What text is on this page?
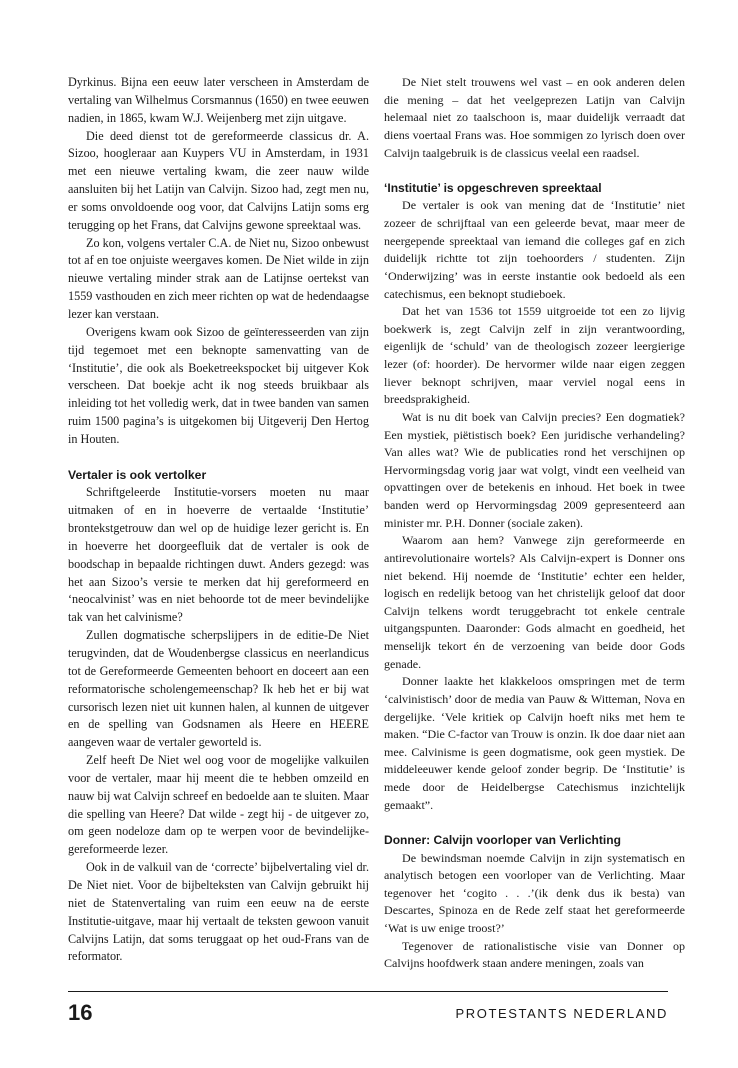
Dyrkinus. Bijna een eeuw later verscheen in Amsterdam de vertaling van Wilhelmus Corsmannus (1650) en twee eeuwen nadien, in 1865, kwam W.J. Weijenberg met zijn uitgave.

Die deed dienst tot de gereformeerde classicus dr. A. Sizoo, hoogleraar aan Kuypers VU in Amsterdam, in 1931 met een nieuwe vertaling kwam, die zeer nauw wilde aansluiten bij het Latijn van Calvijn. Sizoo had, zegt men nu, er soms onvoldoende oog voor, dat Calvijns Latijn soms erg terugging op het Frans, dat Calvijns gewone spreektaal was.

Zo kon, volgens vertaler C.A. de Niet nu, Sizoo onbewust tot af en toe onjuiste weergaves komen. De Niet wilde in zijn nieuwe vertaling minder strak aan de Latijnse oertekst van 1559 vasthouden en zich meer richten op wat de hedendaagse lezer kan verstaan.

Overigens kwam ook Sizoo de geïnteresseerden van zijn tijd tegemoet met een beknopte samenvatting van de ‘Institutie’, die ook als Boeketreekspocket bij uitgever Kok verscheen. Dat boekje acht ik nog steeds bruikbaar als inleiding tot het volledig werk, dat in twee banden van samen ruim 1500 pagina’s is uitgekomen bij Uitgeverij Den Hertog in Houten.

Vertaler is ook vertolker

Schriftgeleerde Institutie-vorsers moeten nu maar uitmaken of en in hoeverre de vertaalde ‘Institutie’ brontekstgetrouw dan wel op de huidige lezer gericht is. En in hoeverre het doorgeefluik dat de vertaler is ook de boodschap in bepaalde richtingen duwt. Anders gezegd: was het aan Sizoo’s versie te merken dat hij gereformeerd en ‘neocalvinist’ was en niet behoorde tot de meer bevindelijke tak van het calvinisme?

Zullen dogmatische scherpslijpers in de editie-De Niet terugvinden, dat de Woudenbergse classicus en neerlandicus tot de Gereformeerde Gemeenten behoort en doceert aan een reformatorische scholengemeenschap? Ik heb het er bij wat cursorisch lezen niet uit kunnen halen, al kunnen de uitgever en de spelling van Godsnamen als Heere en HEERE aangeven waar de vertaler geworteld is.

Zelf heeft De Niet wel oog voor de mogelijke valkuilen voor de vertaler, maar hij meent die te hebben omzeild en nauw bij wat Calvijn schreef en bedoelde aan te sluiten. Maar die spelling van Heere? Dat wilde - zegt hij - de uitgever zo, om geen nodeloze dam op te werpen voor de bevindelijke-gereformeerde lezer.

Ook in de valkuil van de ‘correcte’ bijbelvertaling viel dr. De Niet niet. Voor de bijbelteksten van Calvijn gebruikt hij niet de Statenvertaling van ruim een eeuw na de eerste Institutie-uitgave, maar hij vertaalt de teksten gewoon vanuit Calvijns Latijn, dat soms teruggaat op het oud-Frans van de reformator.

De Niet stelt trouwens wel vast – en ook anderen delen die mening – dat het veelgeprezen Latijn van Calvijn helemaal niet zo taalschoon is, maar duidelijk verraadt dat diens voertaal Frans was. Hoe sommigen zo lyrisch doen over Calvijn taalgebruik is de classicus veelal een raadsel.

‘Institutie’ is opgeschreven spreektaal

De vertaler is ook van mening dat de ‘Institutie’ niet zozeer de schrijftaal van een geleerde bevat, maar meer de neergepende spreektaal van iemand die colleges gaf en zich duidelijk richtte tot zijn toehoorders / studenten. Zijn ‘Onderwijzing’ was in eerste instantie ook bedoeld als een catechismus, een beknopt studieboek.

Dat het van 1536 tot 1559 uitgroeide tot een zo lijvig boekwerk is, zegt Calvijn zelf in zijn verantwoording, eigenlijk de ‘schuld’ van de theologisch zozeer leergierige lezer (of: hoorder). De hervormer wilde naar eigen zeggen liever beknopt schrijven, maar verviel nogal eens in breedsprakigheid.

Wat is nu dit boek van Calvijn precies? Een dogmatiek? Een mystiek, piëtistisch boek? Een juridische verhandeling? Van alles wat? Wie de publicaties rond het verschijnen op Hervormingsdag vorig jaar wat volgt, vindt een veelheid van opvattingen over de betekenis en inhoud. Het boek in twee banden werd op Hervormingsdag 2009 gepresenteerd aan minister mr. P.H. Donner (sociale zaken).

Waarom aan hem? Vanwege zijn gereformeerde en antirevolutionaire wortels? Als Calvijn-expert is Donner ons niet bekend. Hij noemde de ‘Institutie’ echter een helder, logisch en redelijk betoog van het christelijk geloof dat door Calvijn telkens wordt teruggebracht tot enkele centrale uitgangspunten. Daaronder: Gods almacht en goedheid, het menselijk tekort én de verzoening van beide door Gods genade.

Donner laakte het klakkeloos omspringen met de term ‘calvinistisch’ door de media van Pauw & Witteman, Nova en dergelijke. ‘Vele kritiek op Calvijn hoeft niks met hem te maken. “Die C-factor van Trouw is onzin. Ik doe daar niet aan mee. Calvinisme is geen dogmatisme, ook geen mystiek. De middeleeuwer kende geloof zonder begrip. De ‘Institutie’ is mede door de Heidelbergse Catechismus inzichtelijk gemaakt”.

Donner: Calvijn voorloper van Verlichting

De bewindsman noemde Calvijn in zijn systematisch en analytisch betogen een voorloper van de Verlichting. Maar tegenover het ‘cogito . . .’(ik denk dus ik besta) van Descartes, Spinoza en de Rede zelf staat het gereformeerde ‘Wat is uw enige troost?’

Tegenover de rationalistische visie van Donner op Calvijns hoofdwerk staan andere meningen, zoals van

16	PROTESTANTS NEDERLAND
